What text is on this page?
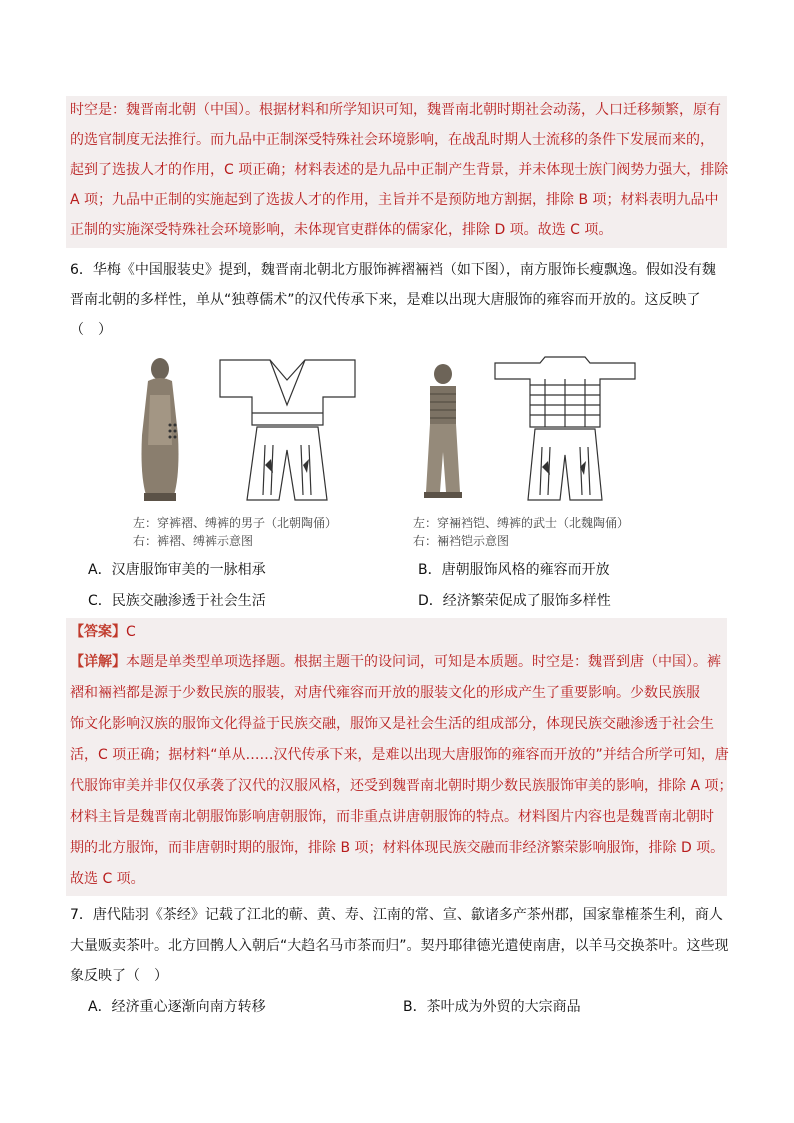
时空是：魏晋南北朝（中国）。根据材料和所学知识可知，魏晋南北朝时期社会动荡，人口迁移频繁，原有
的选官制度无法推行。而九品中正制深受特殊社会环境影响，在战乱时期人士流移的条件下发展而来的，
起到了选拔人才的作用，C 项正确；材料表述的是九品中正制产生背景，并未体现士族门阀势力强大，排除
A 项；九品中正制的实施起到了选拔人才的作用，主旨并不是预防地方割据，排除 B 项；材料表明九品中
正制的实施深受特殊社会环境影响，未体现官吏群体的儒家化，排除 D 项。故选 C 项。
6．华梅《中国服装史》提到，魏晋南北朝北方服饰裤褶裲裆（如下图），南方服饰长瘦飘逸。假如没有魏
晋南北朝的多样性，单从“独尊儒术”的汉代传承下来，是难以出现大唐服饰的雍容而开放的。这反映了
（　）
左：穿裤褶、缚裤的男子（北朝陶俑）
右：裤褶、缚裤示意图
左：穿裲裆铠、缚裤的武士（北魏陶俑）
右：裲裆铠示意图
A．汉唐服饰审美的一脉相承	B．唐朝服饰风格的雍容而开放
C．民族交融渗透于社会生活	D．经济繁荣促成了服饰多样性
【答案】C
【详解】本题是单类型单项选择题。根据主题干的设问词，可知是本质题。时空是：魏晋到唐（中国）。裤
褶和裲裆都是源于少数民族的服装，对唐代雍容而开放的服装文化的形成产生了重要影响。少数民族服
饰文化影响汉族的服饰文化得益于民族交融，服饰又是社会生活的组成部分，体现民族交融渗透于社会生
活，C 项正确；据材料“单从……汉代传承下来，是难以出现大唐服饰的雍容而开放的”并结合所学可知，唐
代服饰审美并非仅仅承袭了汉代的汉服风格，还受到魏晋南北朝时期少数民族服饰审美的影响，排除 A 项；
材料主旨是魏晋南北朝服饰影响唐朝服饰，而非重点讲唐朝服饰的特点。材料图片内容也是魏晋南北朝时
期的北方服饰，而非唐朝时期的服饰，排除 B 项；材料体现民族交融而非经济繁荣影响服饰，排除 D 项。
故选 C 项。
7．唐代陆羽《茶经》记载了江北的蕲、黄、寿、江南的常、宣、歙诸多产茶州郡，国家靠榷茶生利，商人
大量贩卖茶叶。北方回鹘人入朝后“大趋名马市茶而归”。契丹耶律德光遣使南唐，以羊马交换茶叶。这些现
象反映了（　）
A．经济重心逐渐向南方转移	B．茶叶成为外贸的大宗商品
